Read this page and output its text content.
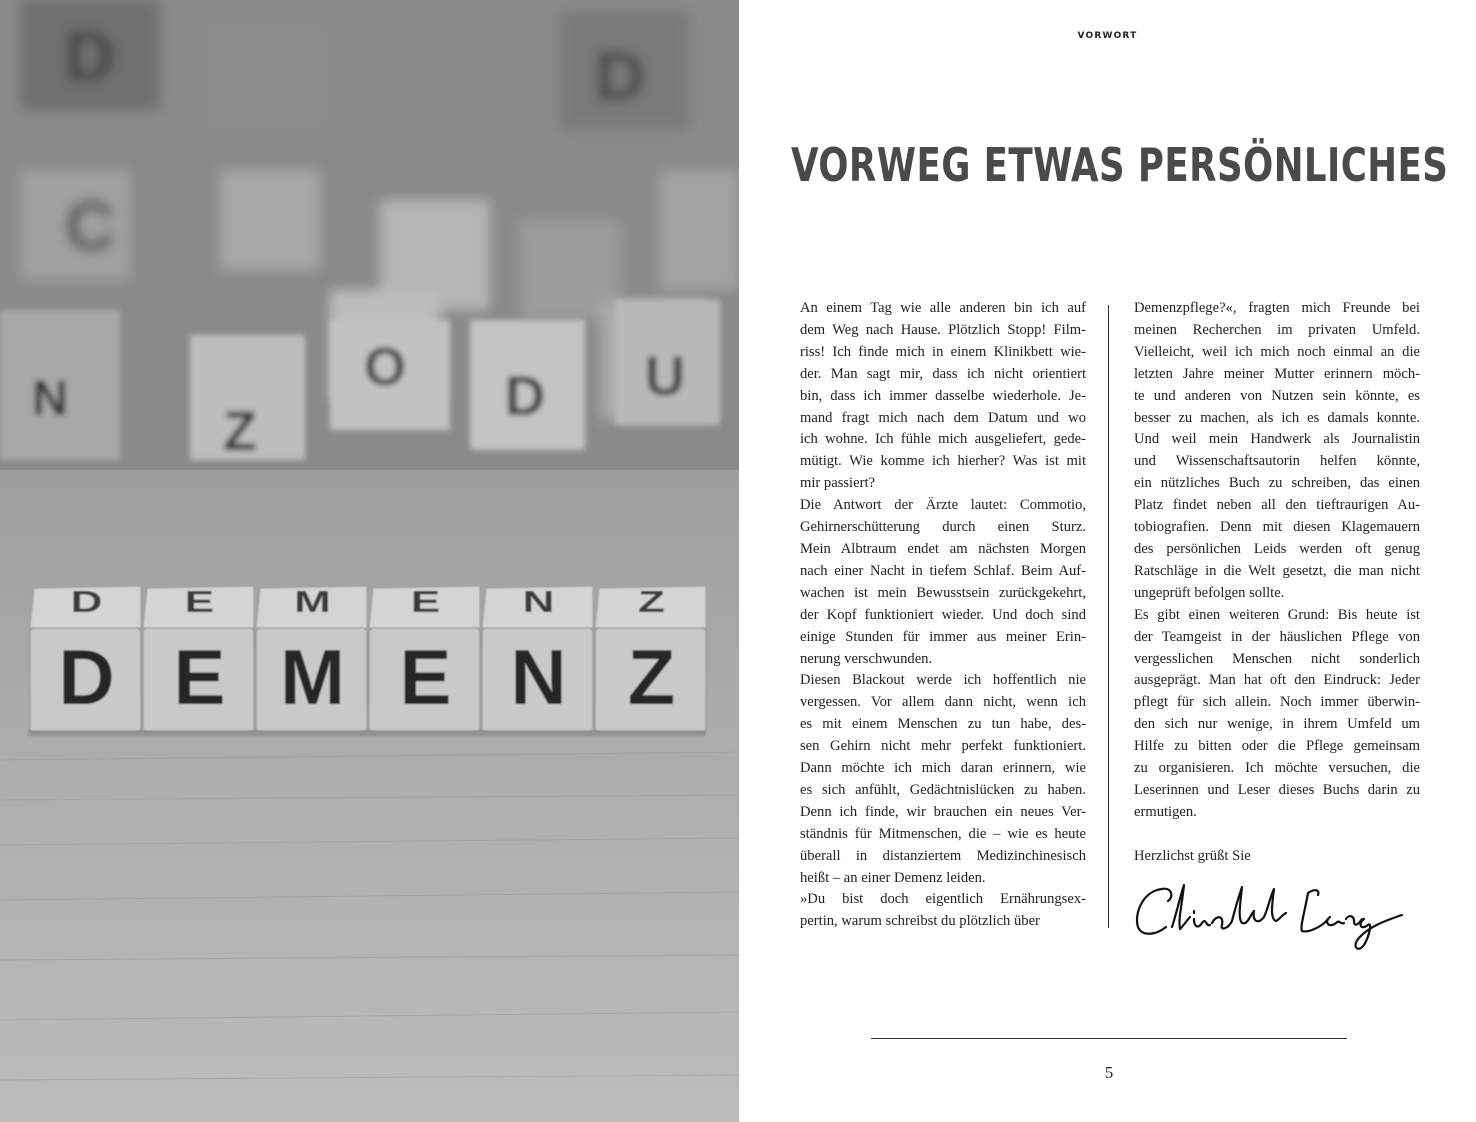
D	D
C
N
Z
O D U
D
D
E
E
M
M
E
E
N
N
Z
Z
VORWORT
VORWEG ETWAS PERSÖNLICHES

An einem Tag wie alle anderen bin ich auf
dem Weg nach Hause. Plötzlich Stopp! Film-
riss! Ich finde mich in einem Klinikbett wie-
der. Man sagt mir, dass ich nicht orientiert
bin, dass ich immer dasselbe wiederhole. Je-
mand fragt mich nach dem Datum und wo
ich wohne. Ich fühle mich ausgeliefert, gede-
mütigt. Wie komme ich hierher? Was ist mit
mir passiert?

Die Antwort der Ärzte lautet: Commotio,
Gehirnerschütterung durch einen Sturz.
Mein Albtraum endet am nächsten Morgen
nach einer Nacht in tiefem Schlaf. Beim Auf-
wachen ist mein Bewusstsein zurückgekehrt,
der Kopf funktioniert wieder. Und doch sind
einige Stunden für immer aus meiner Erin-
nerung verschwunden.

Diesen Blackout werde ich hoffentlich nie
vergessen. Vor allem dann nicht, wenn ich
es mit einem Menschen zu tun habe, des-
sen Gehirn nicht mehr perfekt funktioniert.
Dann möchte ich mich daran erinnern, wie
es sich anfühlt, Gedächtnislücken zu haben.
Denn ich finde, wir brauchen ein neues Ver-
ständnis für Mitmenschen, die – wie es heute
überall in distanziertem Medizinchinesisch
heißt – an einer Demenz leiden.

»Du bist doch eigentlich Ernährungsex-
pertin, warum schreibst du plötzlich über

Demenzpflege?«, fragten mich Freunde bei
meinen Recherchen im privaten Umfeld.
Vielleicht, weil ich mich noch einmal an die
letzten Jahre meiner Mutter erinnern möch-
te und anderen von Nutzen sein könnte, es
besser zu machen, als ich es damals konnte.
Und weil mein Handwerk als Journalistin
und Wissenschaftsautorin helfen könnte,
ein nützliches Buch zu schreiben, das einen
Platz findet neben all den tieftraurigen Au-
tobiografien. Denn mit diesen Klagemauern
des persönlichen Leids werden oft genug
Ratschläge in die Welt gesetzt, die man nicht
ungeprüft befolgen sollte.

Es gibt einen weiteren Grund: Bis heute ist
der Teamgeist in der häuslichen Pflege von
vergesslichen Menschen nicht sonderlich
ausgeprägt. Man hat oft den Eindruck: Jeder
pflegt für sich allein. Noch immer überwin-
den sich nur wenige, in ihrem Umfeld um
Hilfe zu bitten oder die Pflege gemeinsam
zu organisieren. Ich möchte versuchen, die
Leserinnen und Leser dieses Buchs darin zu
ermutigen.

Herzlichst grüßt Sie

5
